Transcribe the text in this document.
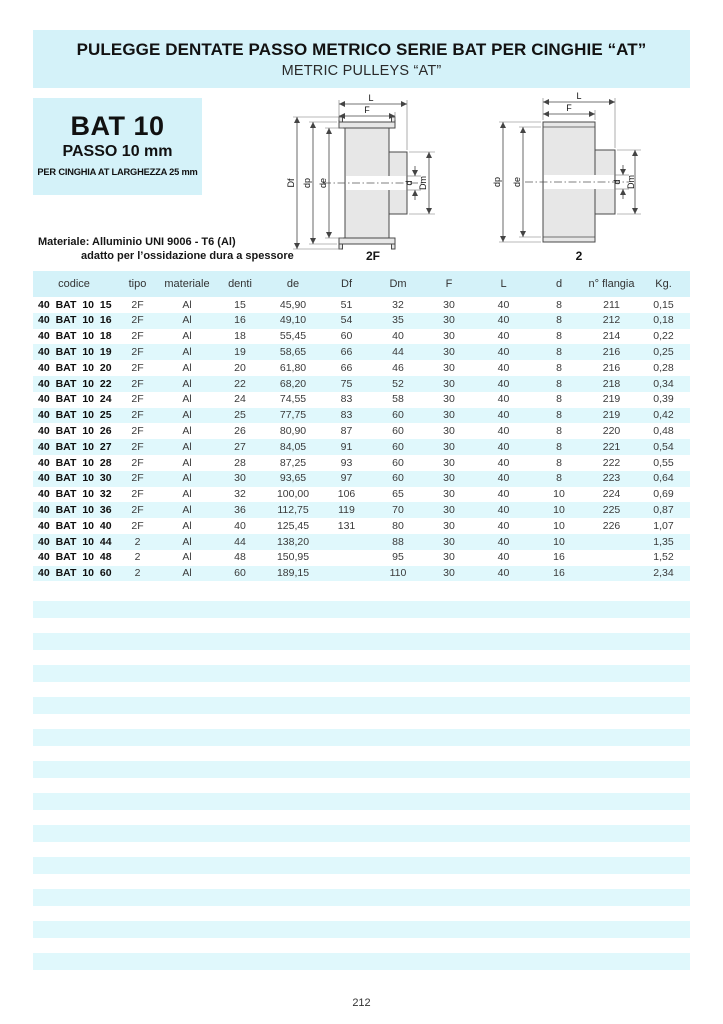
PULEGGE DENTATE PASSO METRICO SERIE BAT PER CINGHIE “AT”
METRIC PULLEYS “AT”
BAT 10
PASSO 10 mm
PER CINGHIA AT LARGHEZZA 25 mm
L
F
Df dp de	d Dm
2F
L
F
dp de	d Dm
2
Materiale: Alluminio UNI 9006 - T6 (Al)
adatto per l’ossidazione dura a spessore
codice	tipo	materiale	denti	de	Df	Dm	F	L	d	n° flangia	Kg.
40 BAT 10 15	2F	Al	15	45,90	51	32	30	40	8	211	0,15
40 BAT 10 16	2F	Al	16	49,10	54	35	30	40	8	212	0,18
40 BAT 10 18	2F	Al	18	55,45	60	40	30	40	8	214	0,22
40 BAT 10 19	2F	Al	19	58,65	66	44	30	40	8	216	0,25
40 BAT 10 20	2F	Al	20	61,80	66	46	30	40	8	216	0,28
40 BAT 10 22	2F	Al	22	68,20	75	52	30	40	8	218	0,34
40 BAT 10 24	2F	Al	24	74,55	83	58	30	40	8	219	0,39
40 BAT 10 25	2F	Al	25	77,75	83	60	30	40	8	219	0,42
40 BAT 10 26	2F	Al	26	80,90	87	60	30	40	8	220	0,48
40 BAT 10 27	2F	Al	27	84,05	91	60	30	40	8	221	0,54
40 BAT 10 28	2F	Al	28	87,25	93	60	30	40	8	222	0,55
40 BAT 10 30	2F	Al	30	93,65	97	60	30	40	8	223	0,64
40 BAT 10 32	2F	Al	32	100,00	106	65	30	40	10	224	0,69
40 BAT 10 36	2F	Al	36	112,75	119	70	30	40	10	225	0,87
40 BAT 10 40	2F	Al	40	125,45	131	80	30	40	10	226	1,07
40 BAT 10 44	2	Al	44	138,20		88	30	40	10		1,35
40 BAT 10 48	2	Al	48	150,95		95	30	40	16		1,52
40 BAT 10 60	2	Al	60	189,15		110	30	40	16		2,34
212
